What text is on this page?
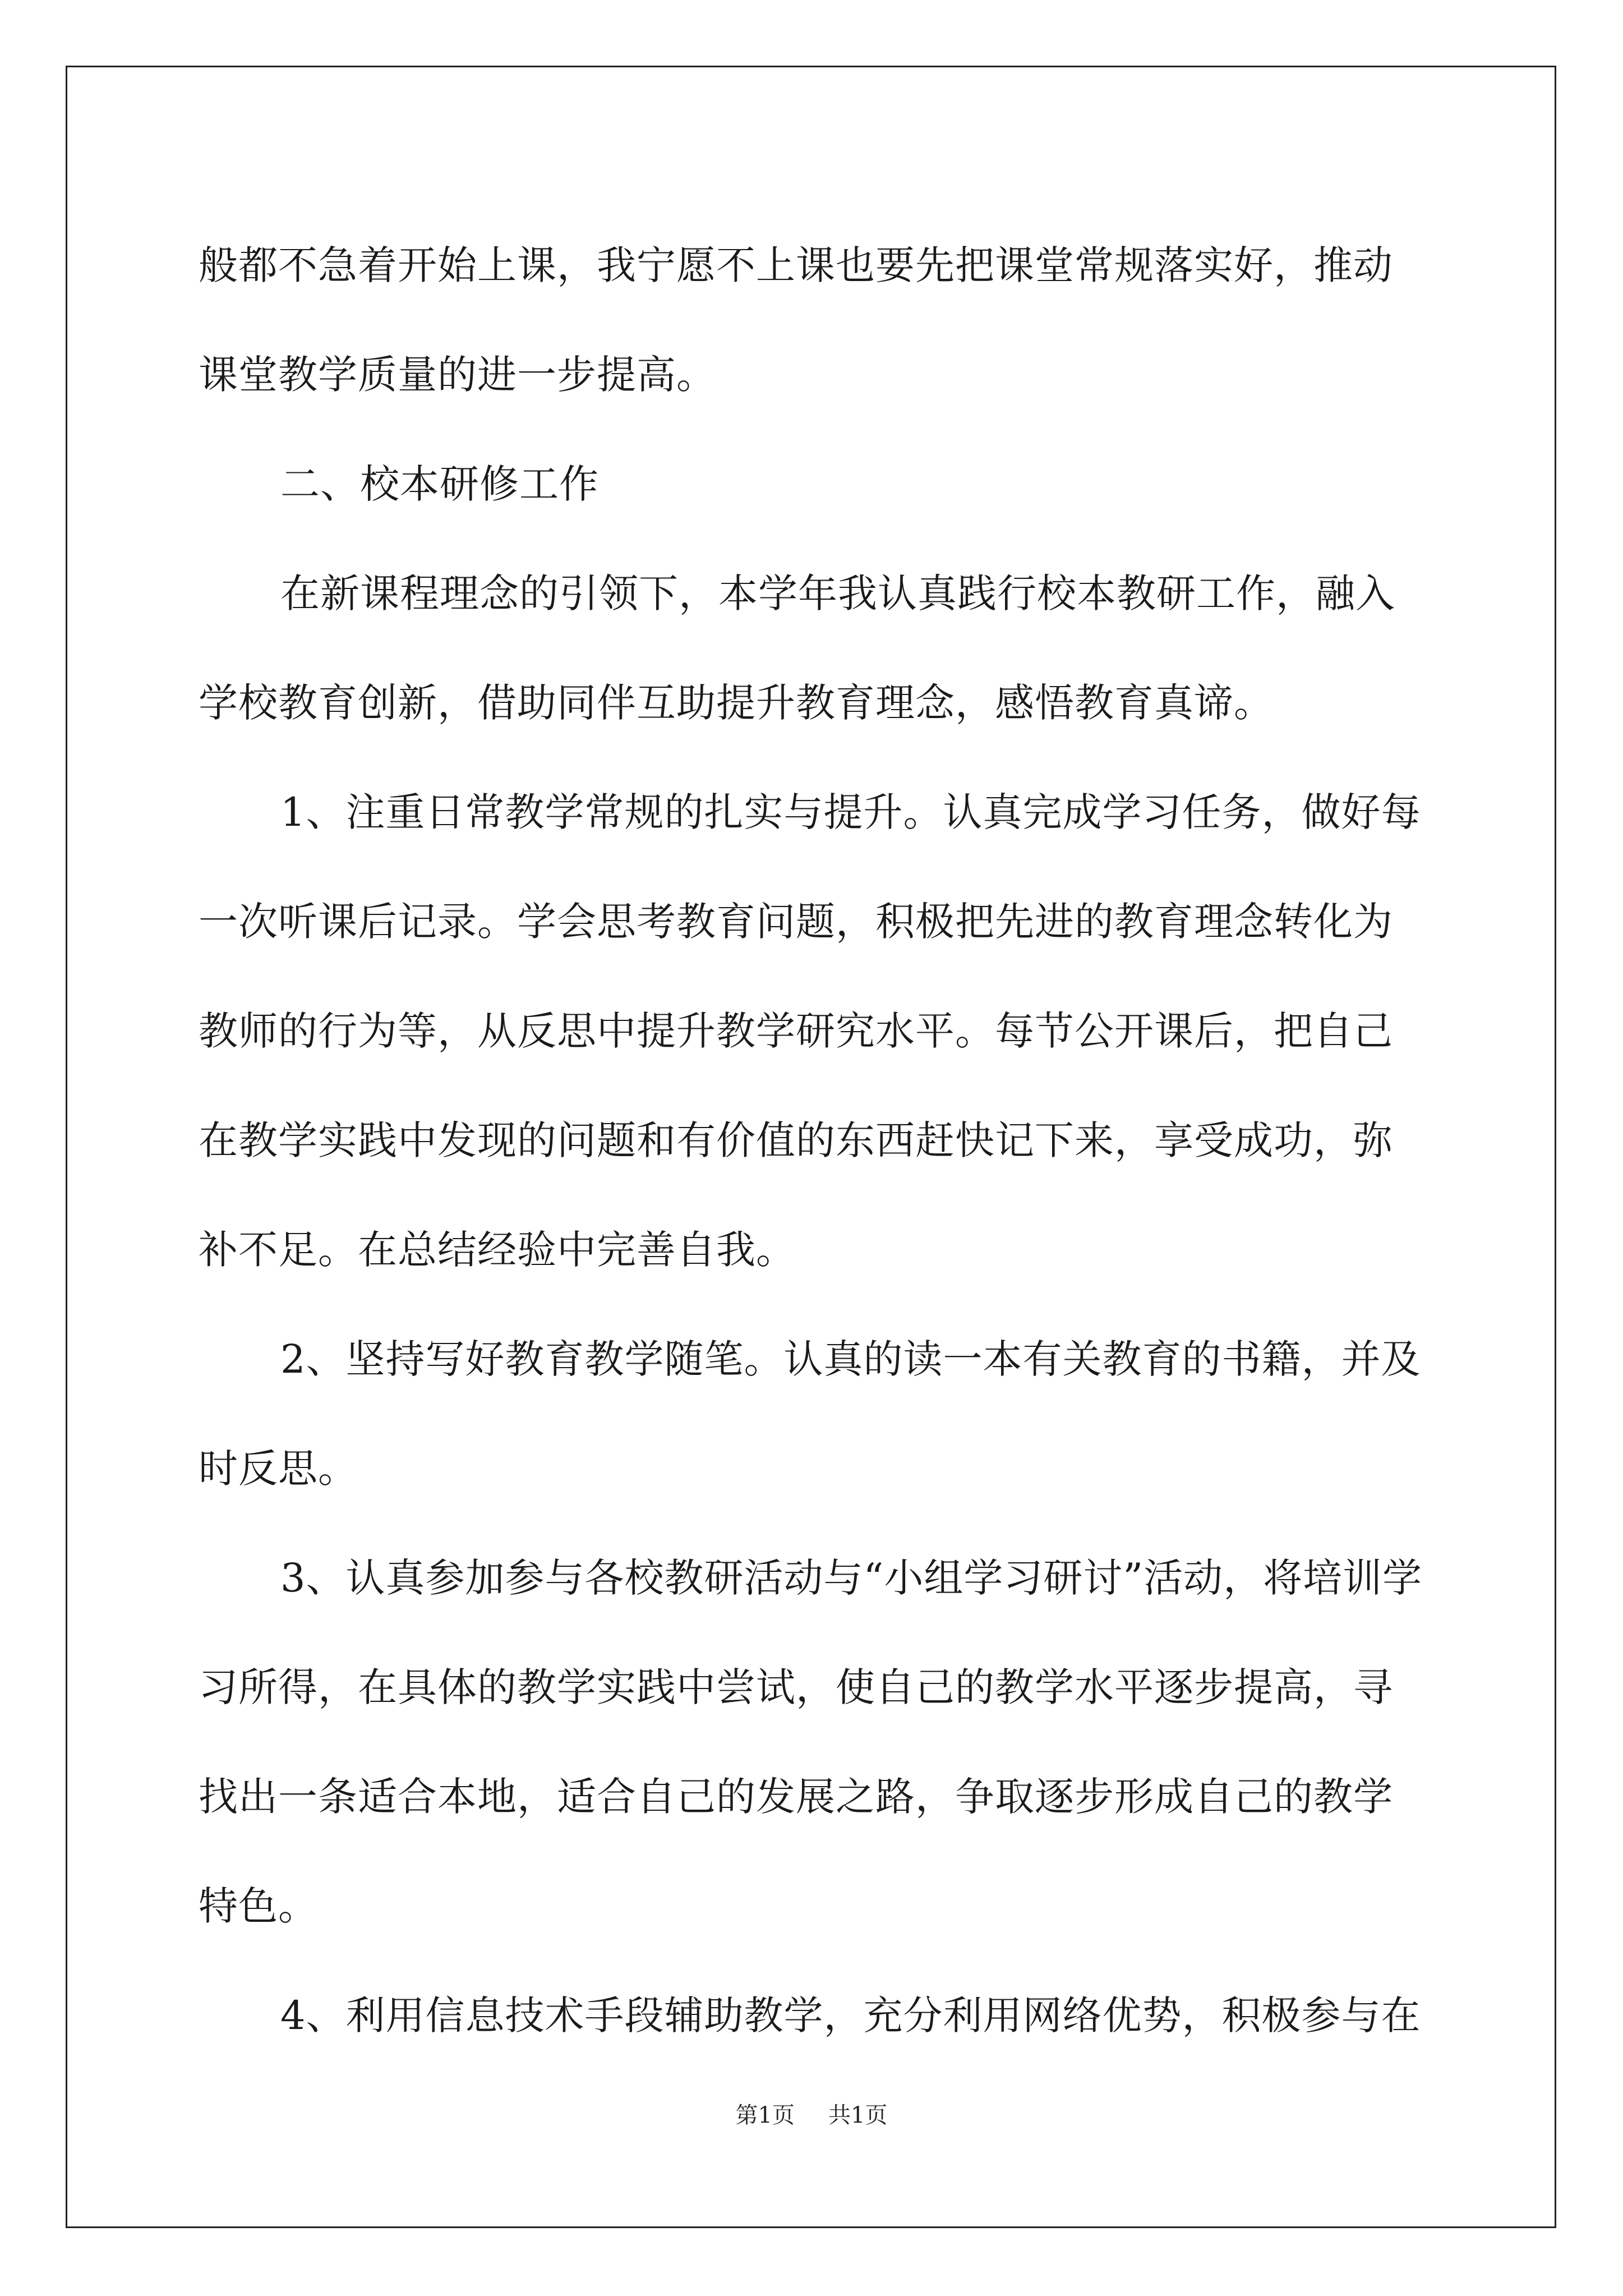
般都不急着开始上课，我宁愿不上课也要先把课堂常规落实好，推动课堂教学质量的进一步提高。

二、校本研修工作

在新课程理念的引领下，本学年我认真践行校本教研工作，融入学校教育创新，借助同伴互助提升教育理念，感悟教育真谛。

1、注重日常教学常规的扎实与提升。认真完成学习任务，做好每一次听课后记录。学会思考教育问题，积极把先进的教育理念转化为教师的行为等，从反思中提升教学研究水平。每节公开课后，把自己在教学实践中发现的问题和有价值的东西赶快记下来，享受成功，弥补不足。在总结经验中完善自我。

2、坚持写好教育教学随笔。认真的读一本有关教育的书籍，并及时反思。

3、认真参加参与各校教研活动与“小组学习研讨”活动，将培训学习所得，在具体的教学实践中尝试，使自己的教学水平逐步提高，寻找出一条适合本地，适合自己的发展之路，争取逐步形成自己的教学特色。

4、利用信息技术手段辅助教学，充分利用网络优势，积极参与在

第1页 共1页
